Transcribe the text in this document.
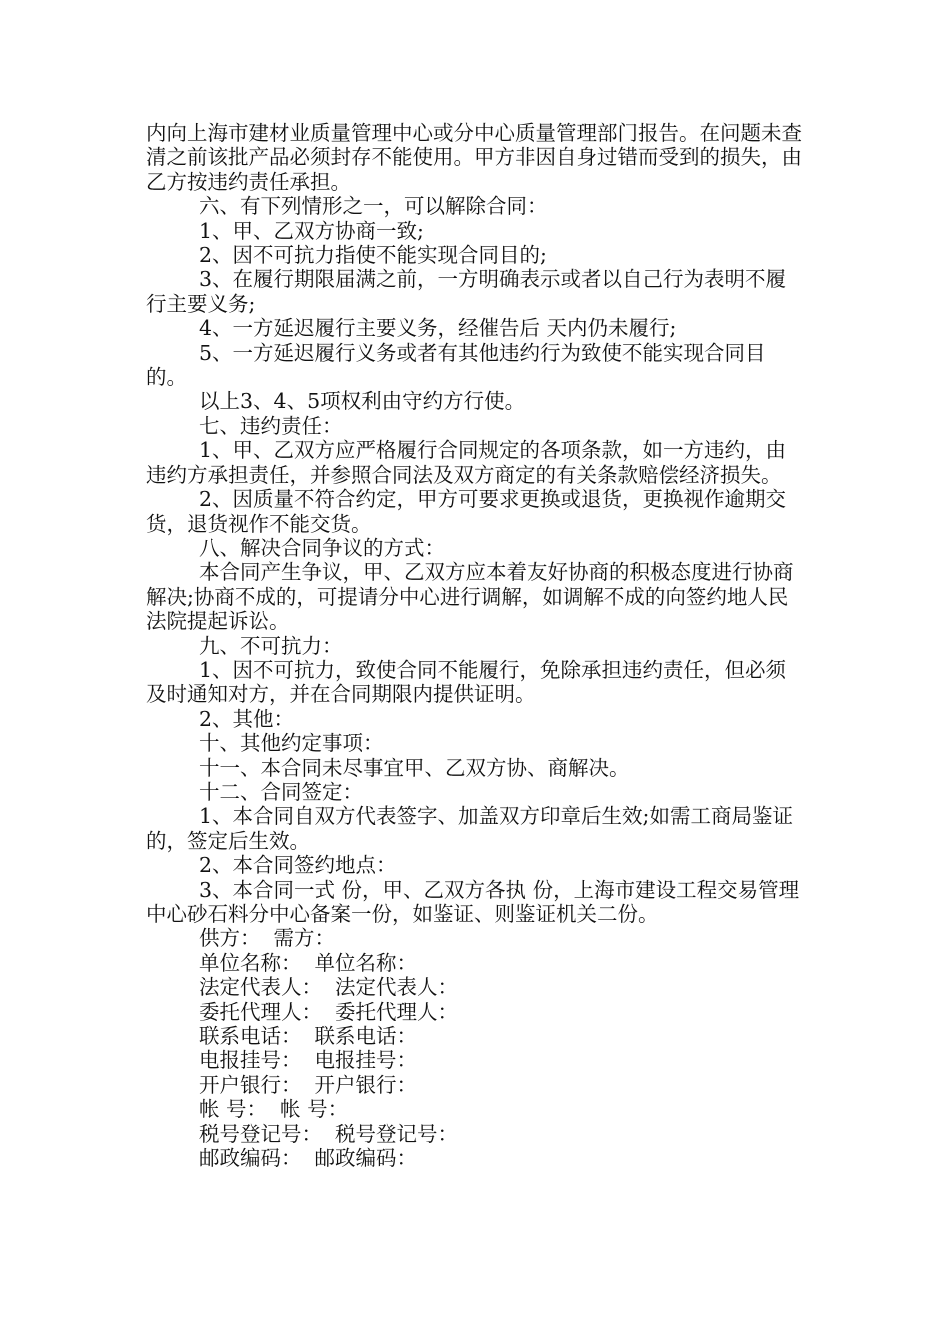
内向上海市建材业质量管理中心或分中心质量管理部门报告。在问题未查清之前该批产品必须封存不能使用。甲方非因自身过错而受到的损失，由乙方按违约责任承担。

六、有下列情形之一，可以解除合同：

1、甲、乙双方协商一致;

2、因不可抗力指使不能实现合同目的;

3、在履行期限届满之前，一方明确表示或者以自己行为表明不履行主要义务;

4、一方延迟履行主要义务，经催告后 天内仍未履行;

5、一方延迟履行义务或者有其他违约行为致使不能实现合同目的。

以上3、4、5项权利由守约方行使。

七、违约责任：

1、甲、乙双方应严格履行合同规定的各项条款，如一方违约，由违约方承担责任，并参照合同法及双方商定的有关条款赔偿经济损失。

2、因质量不符合约定，甲方可要求更换或退货，更换视作逾期交货，退货视作不能交货。

八、解决合同争议的方式：

本合同产生争议，甲、乙双方应本着友好协商的积极态度进行协商解决;协商不成的，可提请分中心进行调解，如调解不成的向签约地人民法院提起诉讼。

九、不可抗力：

1、因不可抗力，致使合同不能履行，免除承担违约责任，但必须及时通知对方，并在合同期限内提供证明。

2、其他：

十、其他约定事项：

十一、本合同未尽事宜甲、乙双方协、商解决。

十二、合同签定：

1、本合同自双方代表签字、加盖双方印章后生效;如需工商局鉴证的，签定后生效。

2、本合同签约地点：

3、本合同一式 份，甲、乙双方各执 份，上海市建设工程交易管理中心砂石料分中心备案一份，如鉴证、则鉴证机关二份。

供方：  需方：

单位名称：  单位名称：

法定代表人：  法定代表人：

委托代理人：  委托代理人：

联系电话：  联系电话：

电报挂号：  电报挂号：

开户银行：  开户银行：

帐 号：  帐 号：

税号登记号：  税号登记号：

邮政编码：  邮政编码：
